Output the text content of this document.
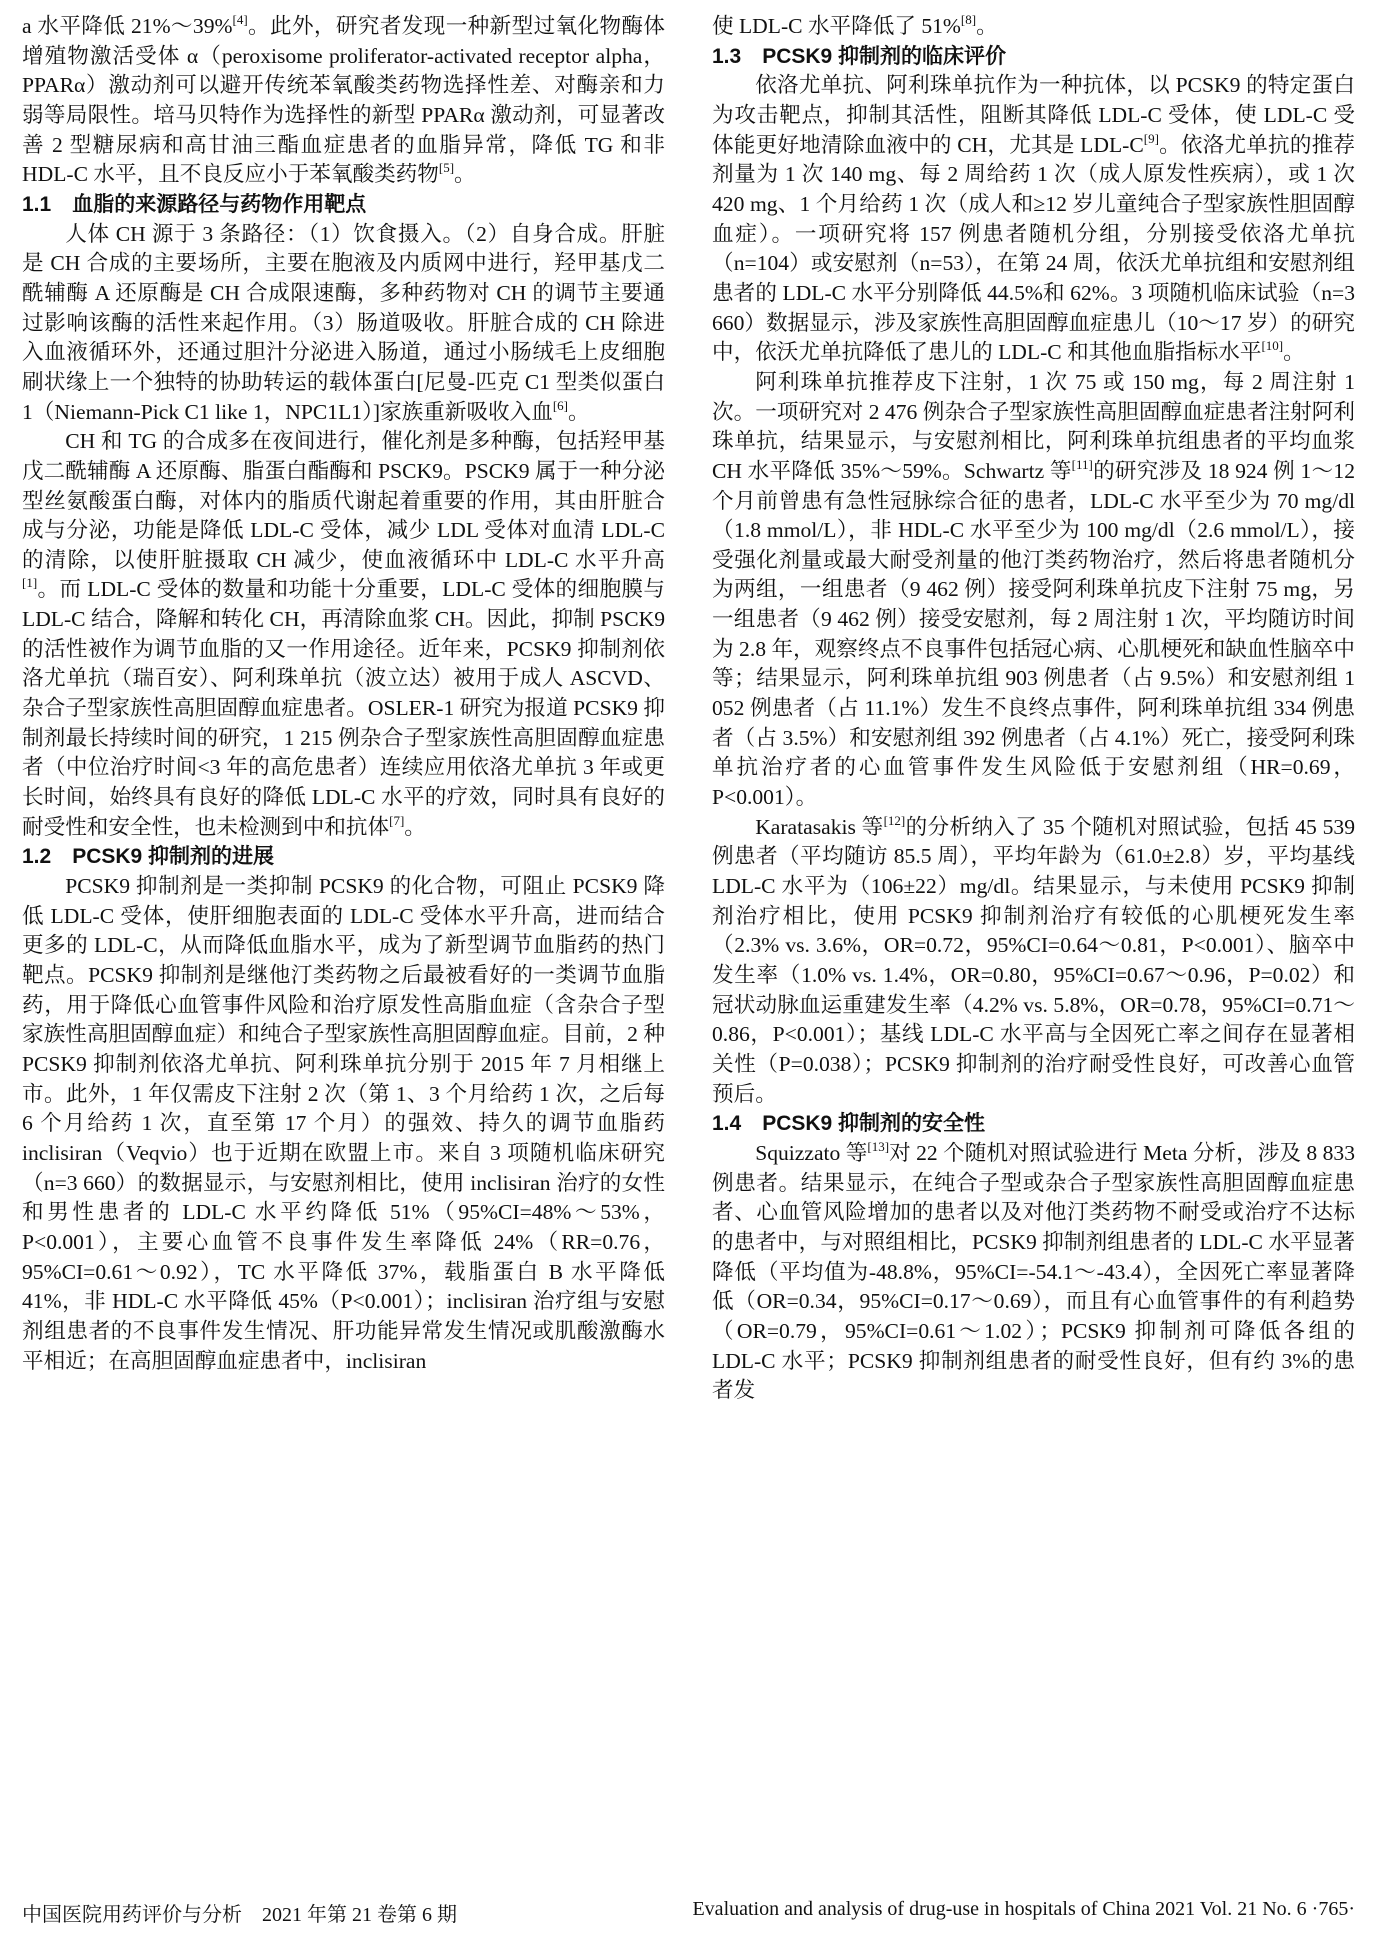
a 水平降低 21%～39%[4]。此外，研究者发现一种新型过氧化物酶体增殖物激活受体 α（peroxisome proliferator-activated receptor alpha，PPARα）激动剂可以避开传统苯氧酸类药物选择性差、对酶亲和力弱等局限性。培马贝特作为选择性的新型 PPARα 激动剂，可显著改善 2 型糖尿病和高甘油三酯血症患者的血脂异常，降低 TG 和非 HDL-C 水平，且不良反应小于苯氧酸类药物[5]。

1.1　血脂的来源路径与药物作用靶点

人体 CH 源于 3 条路径：（1）饮食摄入。（2）自身合成。肝脏是 CH 合成的主要场所，主要在胞液及内质网中进行，羟甲基戊二酰辅酶 A 还原酶是 CH 合成限速酶，多种药物对 CH 的调节主要通过影响该酶的活性来起作用。（3）肠道吸收。肝脏合成的 CH 除进入血液循环外，还通过胆汁分泌进入肠道，通过小肠绒毛上皮细胞刷状缘上一个独特的协助转运的载体蛋白[尼曼-匹克 C1 型类似蛋白 1（Niemann-Pick C1 like 1，NPC1L1）]家族重新吸收入血[6]。

CH 和 TG 的合成多在夜间进行，催化剂是多种酶，包括羟甲基戊二酰辅酶 A 还原酶、脂蛋白酯酶和 PSCK9。PSCK9 属于一种分泌型丝氨酸蛋白酶，对体内的脂质代谢起着重要的作用，其由肝脏合成与分泌，功能是降低 LDL-C 受体，减少 LDL 受体对血清 LDL-C 的清除，以使肝脏摄取 CH 减少，使血液循环中 LDL-C 水平升高[1]。而 LDL-C 受体的数量和功能十分重要，LDL-C 受体的细胞膜与 LDL-C 结合，降解和转化 CH，再清除血浆 CH。因此，抑制 PSCK9 的活性被作为调节血脂的又一作用途径。近年来，PCSK9 抑制剂依洛尤单抗（瑞百安）、阿利珠单抗（波立达）被用于成人 ASCVD、杂合子型家族性高胆固醇血症患者。OSLER-1 研究为报道 PCSK9 抑制剂最长持续时间的研究，1 215 例杂合子型家族性高胆固醇血症患者（中位治疗时间<3 年的高危患者）连续应用依洛尤单抗 3 年或更长时间，始终具有良好的降低 LDL-C 水平的疗效，同时具有良好的耐受性和安全性，也未检测到中和抗体[7]。

1.2　PCSK9 抑制剂的进展

PCSK9 抑制剂是一类抑制 PCSK9 的化合物，可阻止 PCSK9 降低 LDL-C 受体，使肝细胞表面的 LDL-C 受体水平升高，进而结合更多的 LDL-C，从而降低血脂水平，成为了新型调节血脂药的热门靶点。PCSK9 抑制剂是继他汀类药物之后最被看好的一类调节血脂药，用于降低心血管事件风险和治疗原发性高脂血症（含杂合子型家族性高胆固醇血症）和纯合子型家族性高胆固醇血症。目前，2 种 PCSK9 抑制剂依洛尤单抗、阿利珠单抗分别于 2015 年 7 月相继上市。此外，1 年仅需皮下注射 2 次（第 1、3 个月给药 1 次，之后每 6 个月给药 1 次，直至第 17 个月）的强效、持久的调节血脂药 inclisiran（Veqvio）也于近期在欧盟上市。来自 3 项随机临床研究（n=3 660）的数据显示，与安慰剂相比，使用 inclisiran 治疗的女性和男性患者的 LDL-C 水平约降低 51%（95%CI=48%～53%，P<0.001），主要心血管不良事件发生率降低 24%（RR=0.76，95%CI=0.61～0.92），TC 水平降低 37%，载脂蛋白 B 水平降低 41%，非 HDL-C 水平降低 45%（P<0.001）；inclisiran 治疗组与安慰剂组患者的不良事件发生情况、肝功能异常发生情况或肌酸激酶水平相近；在高胆固醇血症患者中，inclisiran

使 LDL-C 水平降低了 51%[8]。

1.3　PCSK9 抑制剂的临床评价

依洛尤单抗、阿利珠单抗作为一种抗体，以 PCSK9 的特定蛋白为攻击靶点，抑制其活性，阻断其降低 LDL-C 受体，使 LDL-C 受体能更好地清除血液中的 CH，尤其是 LDL-C[9]。依洛尤单抗的推荐剂量为 1 次 140 mg、每 2 周给药 1 次（成人原发性疾病），或 1 次 420 mg、1 个月给药 1 次（成人和≥12 岁儿童纯合子型家族性胆固醇血症）。一项研究将 157 例患者随机分组，分别接受依洛尤单抗（n=104）或安慰剂（n=53），在第 24 周，依沃尤单抗组和安慰剂组患者的 LDL-C 水平分别降低 44.5%和 62%。3 项随机临床试验（n=3 660）数据显示，涉及家族性高胆固醇血症患儿（10～17 岁）的研究中，依沃尤单抗降低了患儿的 LDL-C 和其他血脂指标水平[10]。

阿利珠单抗推荐皮下注射，1 次 75 或 150 mg，每 2 周注射 1 次。一项研究对 2 476 例杂合子型家族性高胆固醇血症患者注射阿利珠单抗，结果显示，与安慰剂相比，阿利珠单抗组患者的平均血浆 CH 水平降低 35%～59%。Schwartz 等[11]的研究涉及 18 924 例 1～12 个月前曾患有急性冠脉综合征的患者，LDL-C 水平至少为 70 mg/dl（1.8 mmol/L），非 HDL-C 水平至少为 100 mg/dl（2.6 mmol/L），接受强化剂量或最大耐受剂量的他汀类药物治疗，然后将患者随机分为两组，一组患者（9 462 例）接受阿利珠单抗皮下注射 75 mg，另一组患者（9 462 例）接受安慰剂，每 2 周注射 1 次，平均随访时间为 2.8 年，观察终点不良事件包括冠心病、心肌梗死和缺血性脑卒中等；结果显示，阿利珠单抗组 903 例患者（占 9.5%）和安慰剂组 1 052 例患者（占 11.1%）发生不良终点事件，阿利珠单抗组 334 例患者（占 3.5%）和安慰剂组 392 例患者（占 4.1%）死亡，接受阿利珠单抗治疗者的心血管事件发生风险低于安慰剂组（HR=0.69，P<0.001）。

Karatasakis 等[12]的分析纳入了 35 个随机对照试验，包括 45 539 例患者（平均随访 85.5 周），平均年龄为（61.0±2.8）岁，平均基线 LDL-C 水平为（106±22）mg/dl。结果显示，与未使用 PCSK9 抑制剂治疗相比，使用 PCSK9 抑制剂治疗有较低的心肌梗死发生率（2.3% vs. 3.6%，OR=0.72，95%CI=0.64～0.81，P<0.001）、脑卒中发生率（1.0% vs. 1.4%，OR=0.80，95%CI=0.67～0.96，P=0.02）和冠状动脉血运重建发生率（4.2% vs. 5.8%，OR=0.78，95%CI=0.71～0.86，P<0.001）；基线 LDL-C 水平高与全因死亡率之间存在显著相关性（P=0.038）；PCSK9 抑制剂的治疗耐受性良好，可改善心血管预后。

1.4　PCSK9 抑制剂的安全性

Squizzato 等[13]对 22 个随机对照试验进行 Meta 分析，涉及 8 833 例患者。结果显示，在纯合子型或杂合子型家族性高胆固醇血症患者、心血管风险增加的患者以及对他汀类药物不耐受或治疗不达标的患者中，与对照组相比，PCSK9 抑制剂组患者的 LDL-C 水平显著降低（平均值为-48.8%，95%CI=-54.1～-43.4），全因死亡率显著降低（OR=0.34，95%CI=0.17～0.69），而且有心血管事件的有利趋势（OR=0.79，95%CI=0.61～1.02）；PCSK9 抑制剂可降低各组的 LDL-C 水平；PCSK9 抑制剂组患者的耐受性良好，但有约 3%的患者发

中国医院用药评价与分析　2021 年第 21 卷第 6 期	Evaluation and analysis of drug-use in hospitals of China 2021 Vol. 21 No. 6 ·765·
